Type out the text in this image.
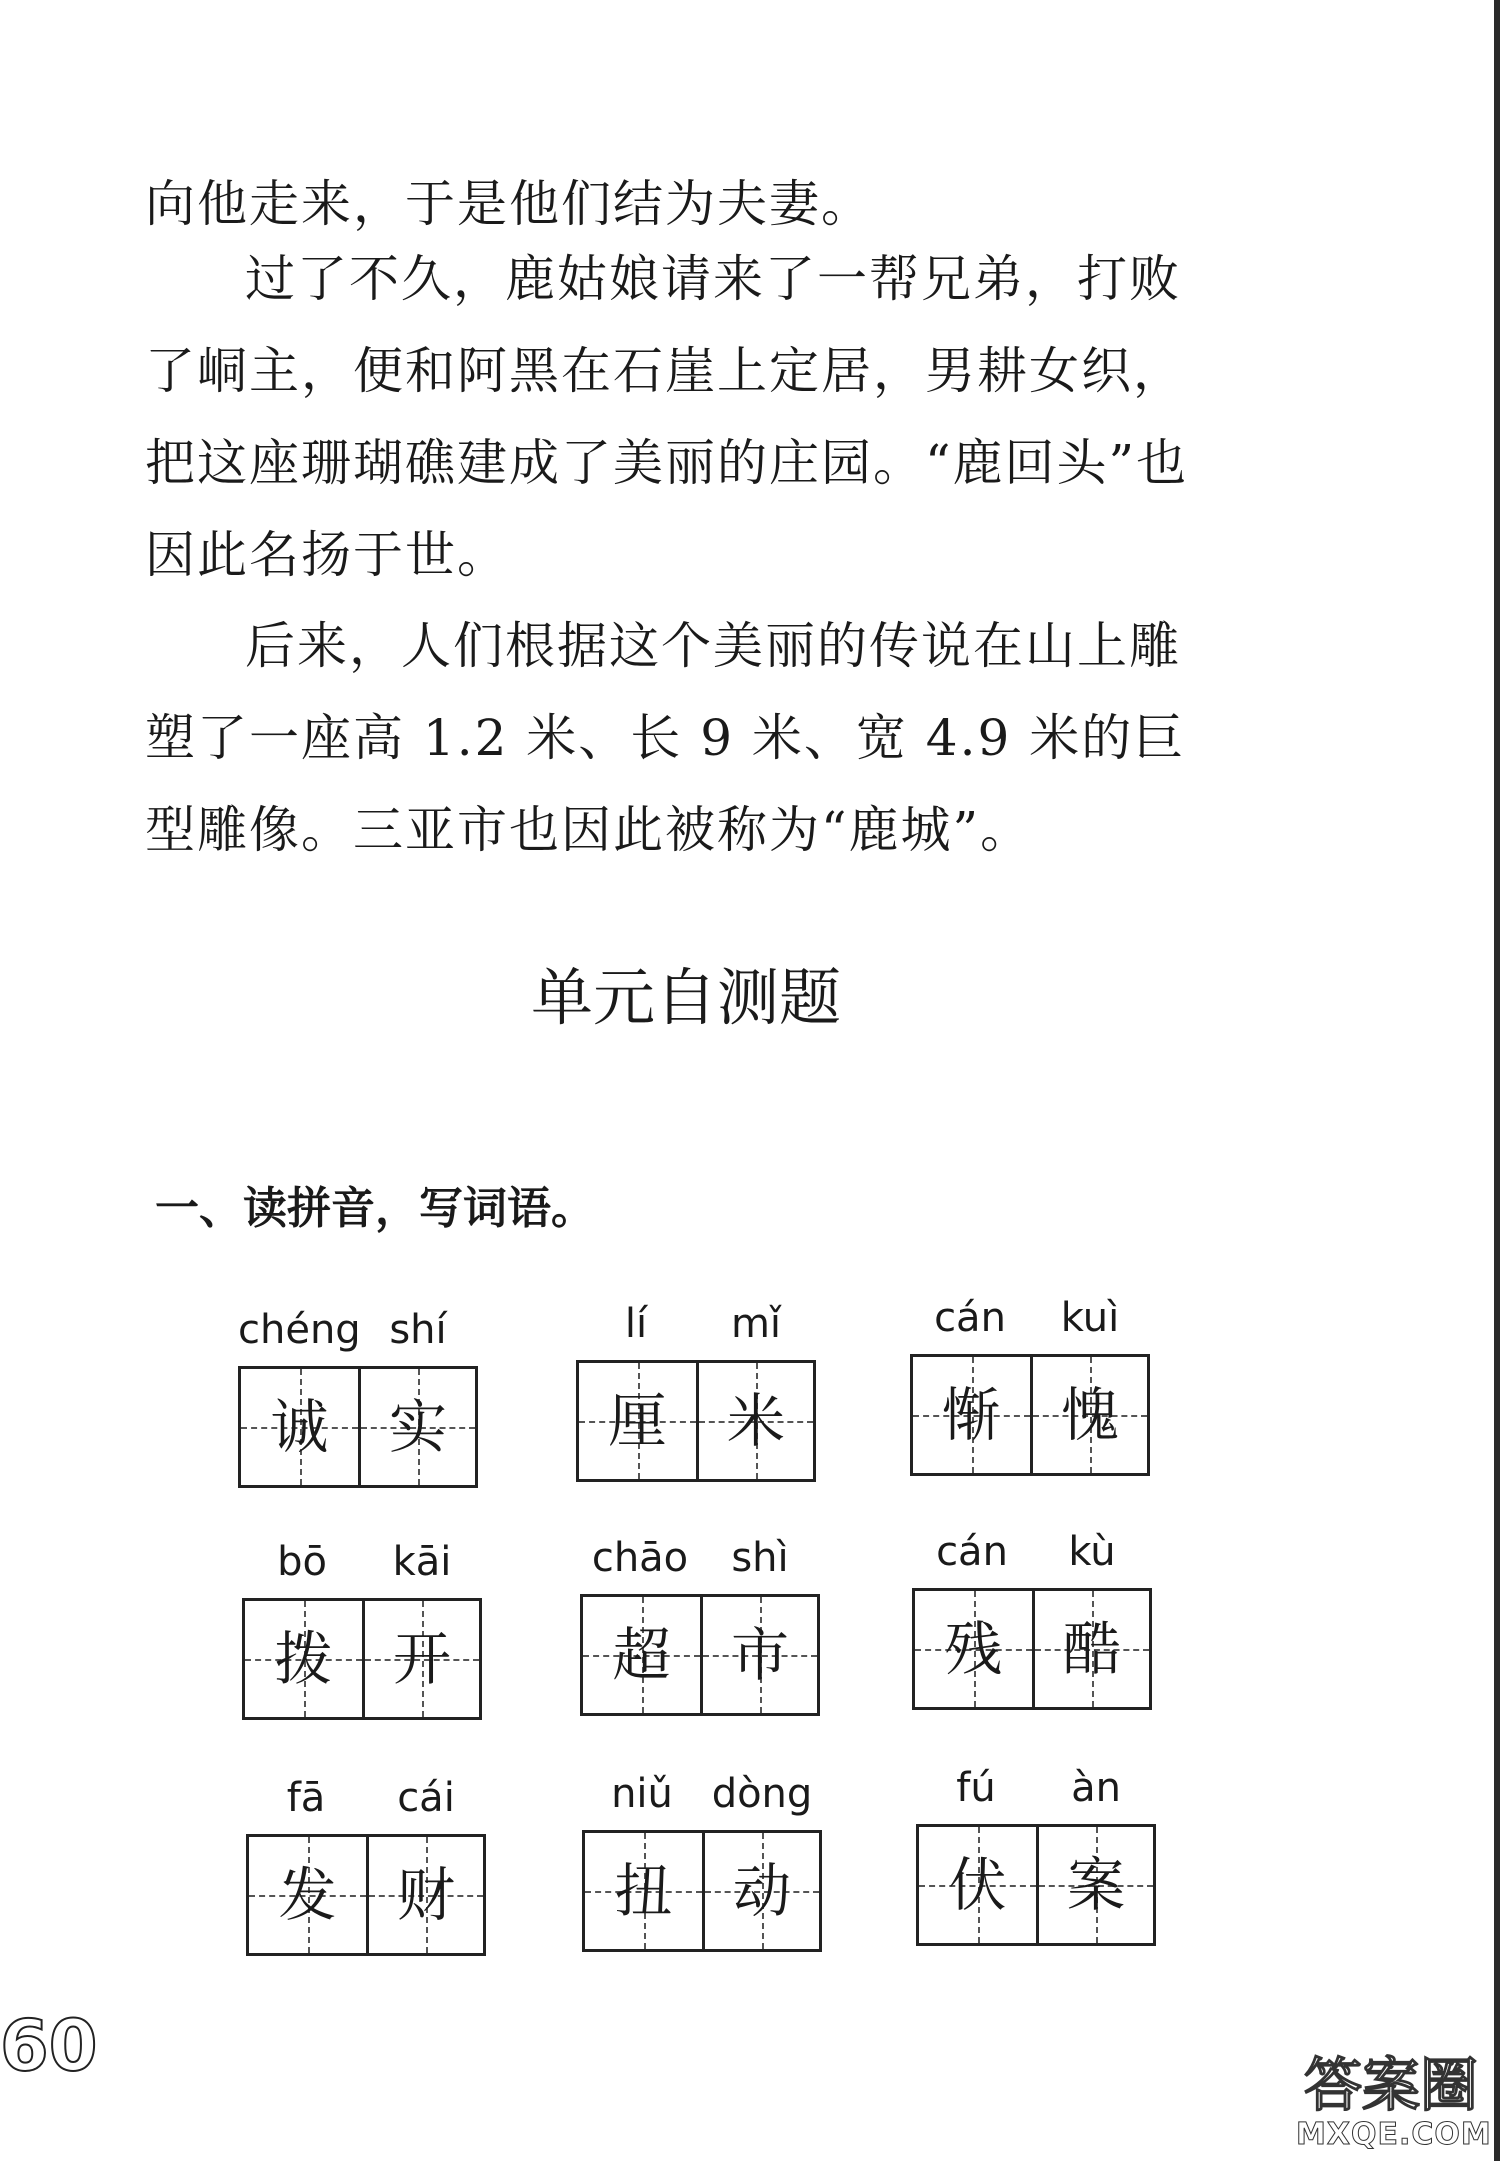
向他走来，于是他们结为夫妻。

过了不久，鹿姑娘请来了一帮兄弟，打败了峒主，便和阿黑在石崖上定居，男耕女织，把这座珊瑚礁建成了美丽的庄园。“鹿回头”也因此名扬于世。

后来，人们根据这个美丽的传说在山上雕塑了一座高 1.2 米、长 9 米、宽 4.9 米的巨型雕像。三亚市也因此被称为“鹿城”。

单元自测题

一、读拼音，写词语。

chéng shí
诚 实
lí	mǐ
厘 米
cán	kuì
惭 愧
bō	kāi
拨 开
chāo	shì
超 市
cán	kù
残 酷
fā	cái
发 财
niǔ dòng
扭 动
fú	àn
伏 案

60	答案圈
MXQE.COM
